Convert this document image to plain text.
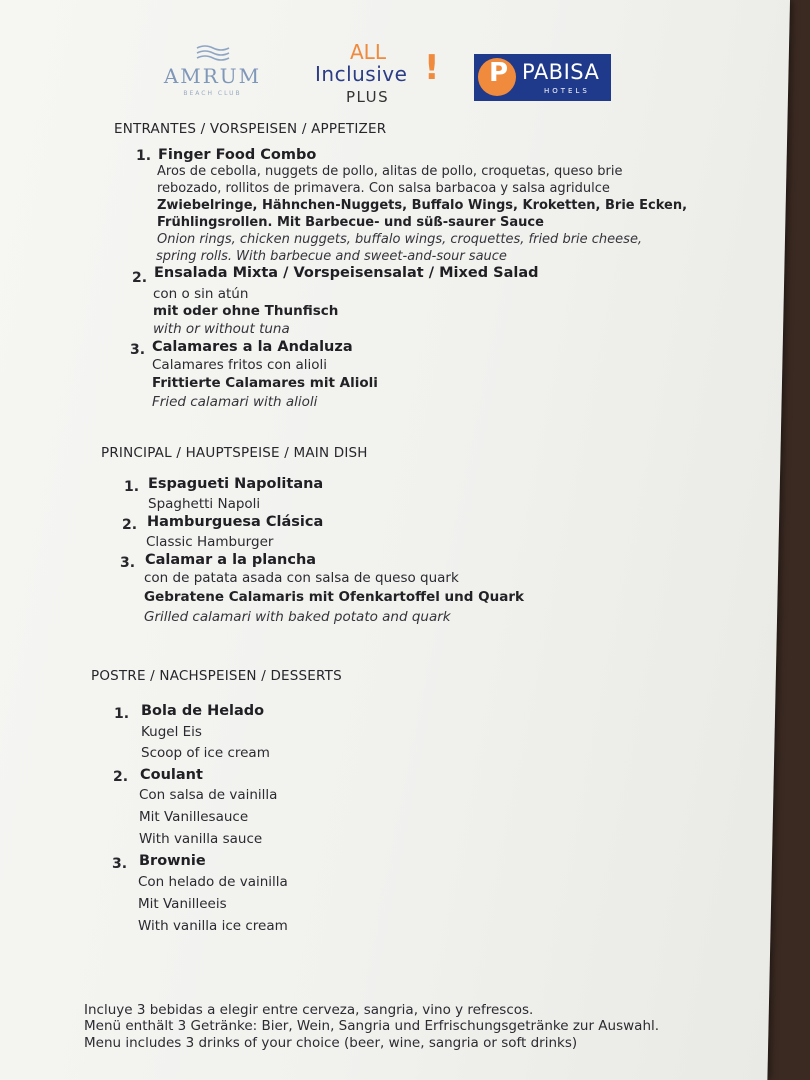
AMRUM
BEACH CLUB
ALL
Inclusive !
PLUS
P PABISA
HOTELS
ENTRANTES / VORSPEISEN / APPETIZER
1. Finger Food Combo
Aros de cebolla, nuggets de pollo, alitas de pollo, croquetas, queso brie
rebozado, rollitos de primavera. Con salsa barbacoa y salsa agridulce
Zwiebelringe, Hähnchen-Nuggets, Buffalo Wings, Kroketten, Brie Ecken,
Frühlingsrollen. Mit Barbecue- und süß-saurer Sauce
Onion rings, chicken nuggets, buffalo wings, croquettes, fried brie cheese,
spring rolls. With barbecue and sweet-and-sour sauce
2. Ensalada Mixta / Vorspeisensalat / Mixed Salad
con o sin atún
mit oder ohne Thunfisch
with or without tuna
3. Calamares a la Andaluza
Calamares fritos con alioli
Frittierte Calamares mit Alioli
Fried calamari with alioli
PRINCIPAL / HAUPTSPEISE / MAIN DISH
1. Espagueti Napolitana
Spaghetti Napoli
2. Hamburguesa Clásica
Classic Hamburger
3. Calamar a la plancha
con de patata asada con salsa de queso quark
Gebratene Calamaris mit Ofenkartoffel und Quark
Grilled calamari with baked potato and quark
POSTRE / NACHSPEISEN / DESSERTS
1. Bola de Helado
Kugel Eis
Scoop of ice cream
2. Coulant
Con salsa de vainilla
Mit Vanillesauce
With vanilla sauce
3. Brownie
Con helado de vainilla
Mit Vanilleeis
With vanilla ice cream
Incluye 3 bebidas a elegir entre cerveza, sangria, vino y refrescos.
Menü enthält 3 Getränke: Bier, Wein, Sangria und Erfrischungsgetränke zur Auswahl.
Menu includes 3 drinks of your choice (beer, wine, sangria or soft drinks)
